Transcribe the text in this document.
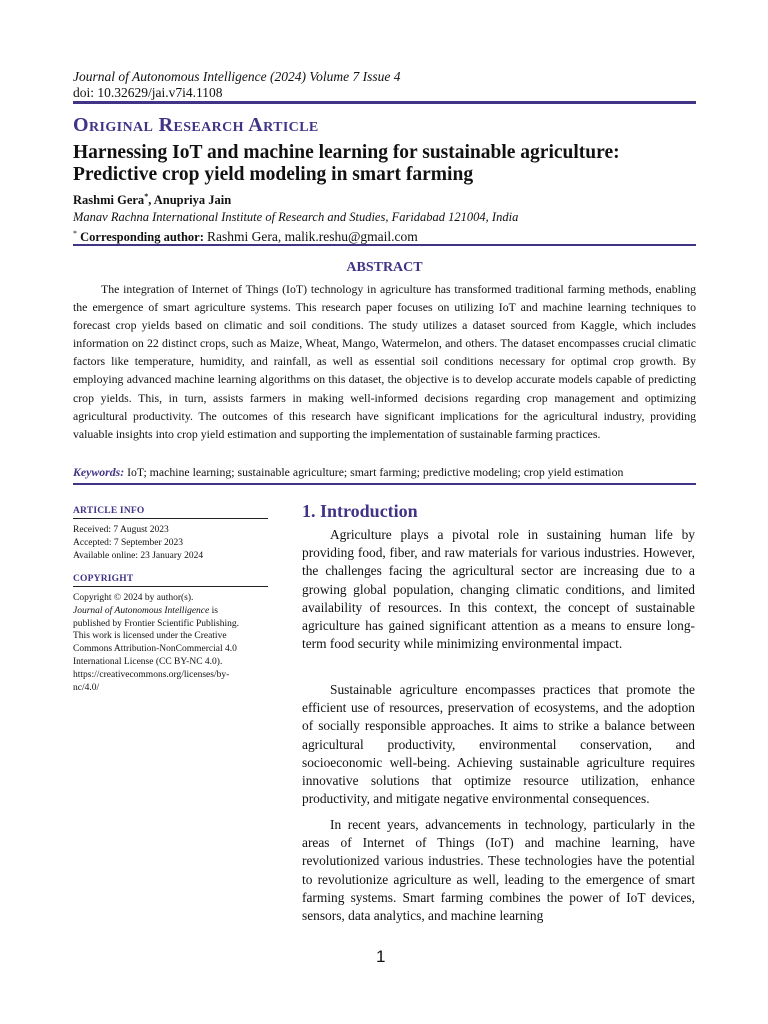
Journal of Autonomous Intelligence (2024) Volume 7 Issue 4
doi: 10.32629/jai.v7i4.1108
Original Research Article
Harnessing IoT and machine learning for sustainable agriculture:
Predictive crop yield modeling in smart farming
Rashmi Gera*, Anupriya Jain
Manav Rachna International Institute of Research and Studies, Faridabad 121004, India
* Corresponding author: Rashmi Gera, malik.reshu@gmail.com
ABSTRACT
The integration of Internet of Things (IoT) technology in agriculture has transformed traditional farming methods, enabling the emergence of smart agriculture systems. This research paper focuses on utilizing IoT and machine learning techniques to forecast crop yields based on climatic and soil conditions. The study utilizes a dataset sourced from Kaggle, which includes information on 22 distinct crops, such as Maize, Wheat, Mango, Watermelon, and others. The dataset encompasses crucial climatic factors like temperature, humidity, and rainfall, as well as essential soil conditions necessary for optimal crop growth. By employing advanced machine learning algorithms on this dataset, the objective is to develop accurate models capable of predicting crop yields. This, in turn, assists farmers in making well-informed decisions regarding crop management and optimizing agricultural productivity. The outcomes of this research have significant implications for the agricultural industry, providing valuable insights into crop yield estimation and supporting the implementation of sustainable farming practices.
Keywords: IoT; machine learning; sustainable agriculture; smart farming; predictive modeling; crop yield estimation
ARTICLE INFO
Received: 7 August 2023
Accepted: 7 September 2023
Available online: 23 January 2024
COPYRIGHT
Copyright © 2024 by author(s).
Journal of Autonomous Intelligence is
published by Frontier Scientific Publishing.
This work is licensed under the Creative
Commons Attribution-NonCommercial 4.0
International License (CC BY-NC 4.0).
https://creativecommons.org/licenses/by-
nc/4.0/
1. Introduction

Agriculture plays a pivotal role in sustaining human life by providing food, fiber, and raw materials for various industries. However, the challenges facing the agricultural sector are increasing due to a growing global population, changing climatic conditions, and limited availability of resources. In this context, the concept of sustainable agriculture has gained significant attention as a means to ensure long-term food security while minimizing environmental impact.

Sustainable agriculture encompasses practices that promote the efficient use of resources, preservation of ecosystems, and the adoption of socially responsible approaches. It aims to strike a balance between agricultural productivity, environmental conservation, and socioeconomic well-being. Achieving sustainable agriculture requires innovative solutions that optimize resource utilization, enhance productivity, and mitigate negative environmental consequences.

In recent years, advancements in technology, particularly in the areas of Internet of Things (IoT) and machine learning, have revolutionized various industries. These technologies have the potential to revolutionize agriculture as well, leading to the emergence of smart farming systems. Smart farming combines the power of IoT devices, sensors, data analytics, and machine learning

1
